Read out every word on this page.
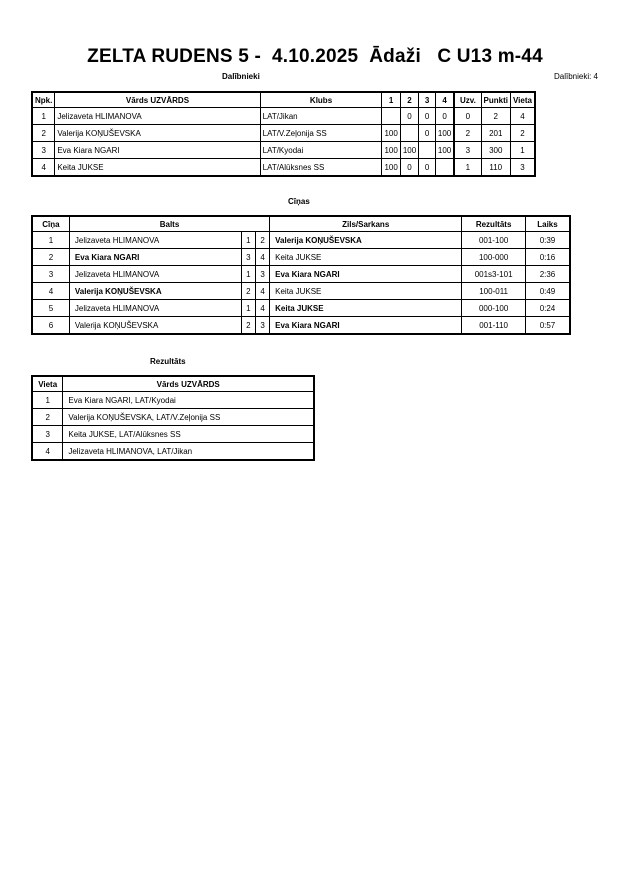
ZELTA RUDENS 5 -  4.10.2025  Ādaži   C U13 m-44
Dalībnieki	Dalībnieki: 4
Npk.	Vārds UZVĀRDS	Klubs	1	2	3	4	Uzv.	Punkti	Vieta
1	Jelizaveta HLIMANOVA	LAT/Jikan		0	0	0	0	2	4
2	Valerija KOŅUŠEVSKA	LAT/V.Zeļonija SS	100		0	100	2	201	2
3	Eva Kiara NGARI	LAT/Kyodai	100	100		100	3	300	1
4	Keita JUKSE	LAT/Alūksnes SS	100	0	0		1	110	3
Cīņas
Cīņa	Balts			Zils/Sarkans	Rezultāts	Laiks
1	Jelizaveta HLIMANOVA	1	2	Valerija KOŅUŠEVSKA	001-100	0:39
2	Eva Kiara NGARI	3	4	Keita JUKSE	100-000	0:16
3	Jelizaveta HLIMANOVA	1	3	Eva Kiara NGARI	001s3-101	2:36
4	Valerija KOŅUŠEVSKA	2	4	Keita JUKSE	100-011	0:49
5	Jelizaveta HLIMANOVA	1	4	Keita JUKSE	000-100	0:24
6	Valerija KOŅUŠEVSKA	2	3	Eva Kiara NGARI	001-110	0:57
Rezultāts
Vieta	Vārds UZVĀRDS
1	Eva Kiara NGARI, LAT/Kyodai
2	Valerija KOŅUŠEVSKA, LAT/V.Zeļonija SS
3	Keita JUKSE, LAT/Alūksnes SS
4	Jelizaveta HLIMANOVA, LAT/Jikan
